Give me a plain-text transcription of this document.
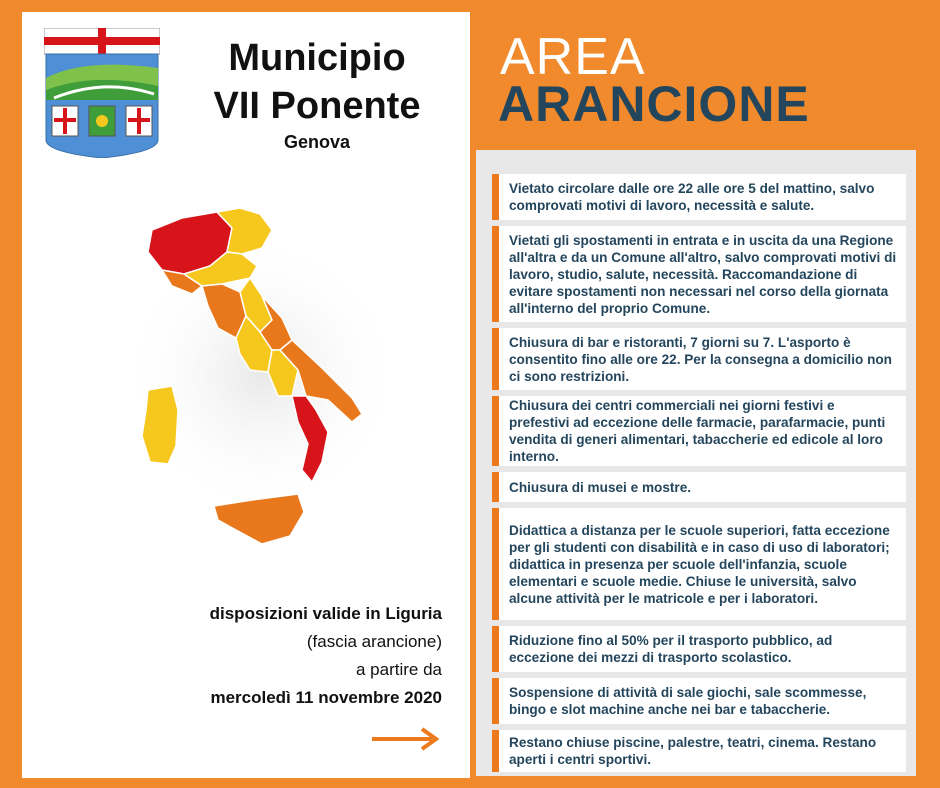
Municipio
VII Ponente
Genova
disposizioni valide in Liguria
(fascia arancione)
a partire da
mercoledì 11 novembre 2020
AREA
ARANCIONE
Vietato circolare dalle ore 22 alle ore 5 del mattino, salvo comprovati motivi di lavoro, necessità e salute.
Vietati gli spostamenti in entrata e in uscita da una Regione all'altra e da un Comune all'altro, salvo comprovati motivi di lavoro, studio, salute, necessità. Raccomandazione di evitare spostamenti non necessari nel corso della giornata all'interno del proprio Comune.
Chiusura di bar e ristoranti, 7 giorni su 7. L'asporto è consentito fino alle ore 22. Per la consegna a domicilio non ci sono restrizioni.
Chiusura dei centri commerciali nei giorni festivi e prefestivi ad eccezione delle farmacie, parafarmacie, punti vendita di generi alimentari, tabaccherie ed edicole al loro interno.
Chiusura di musei e mostre.
Didattica a distanza per le scuole superiori, fatta eccezione per gli studenti con disabilità e in caso di uso di laboratori; didattica in presenza per scuole dell'infanzia, scuole elementari e scuole medie. Chiuse le università, salvo alcune attività per le matricole e per i laboratori.
Riduzione fino al 50% per il trasporto pubblico, ad eccezione dei mezzi di trasporto scolastico.
Sospensione di attività di sale giochi, sale scommesse, bingo e slot machine anche nei bar e tabaccherie.
Restano chiuse piscine, palestre, teatri, cinema. Restano aperti i centri sportivi.
